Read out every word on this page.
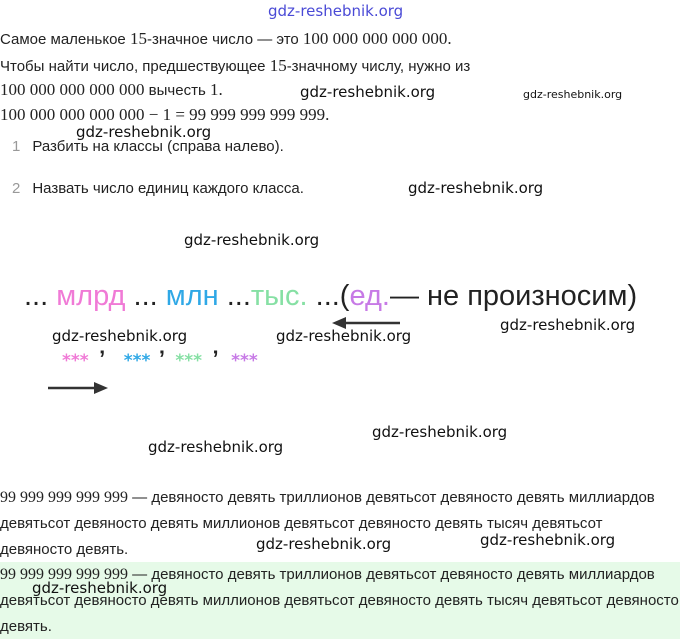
gdz-reshebnik.org
Самое маленькое 15-значное число — это 100 000 000 000 000.
Чтобы найти число, предшествующее 15-значному числу, нужно из
100 000 000 000 000 вычесть 1.
100 000 000 000 000 − 1 = 99 999 999 999 999.
gdz-reshebnik.org	gdz-reshebnik.org
gdz-reshebnik.org
1 Разбить на классы (справа налево).
2 Назвать число единиц каждого класса.	gdz-reshebnik.org
gdz-reshebnik.org
... млрд ... млн ...тыс. ...(ед.— не произносим)
gdz-reshebnik.org	gdz-reshebnik.org
gdz-reshebnik.org
*** ’ *** ’ *** ’ ***
gdz-reshebnik.org
gdz-reshebnik.org
99 999 999 999 999 — девяносто девять триллионов девятьсот девяносто девять миллиардов девятьсот девяносто девять миллионов девятьсот девяносто девять тысяч девятьсот девяносто девять.	gdz-reshebnik.org	gdz-reshebnik.org
99 999 999 999 999 — девяносто девять триллионов девятьсот девяносто девять миллиардов девятьсот девяносто девять миллионов девятьсот девяносто девять тысяч девятьсот девяносто девять.
gdz-reshebnik.org
